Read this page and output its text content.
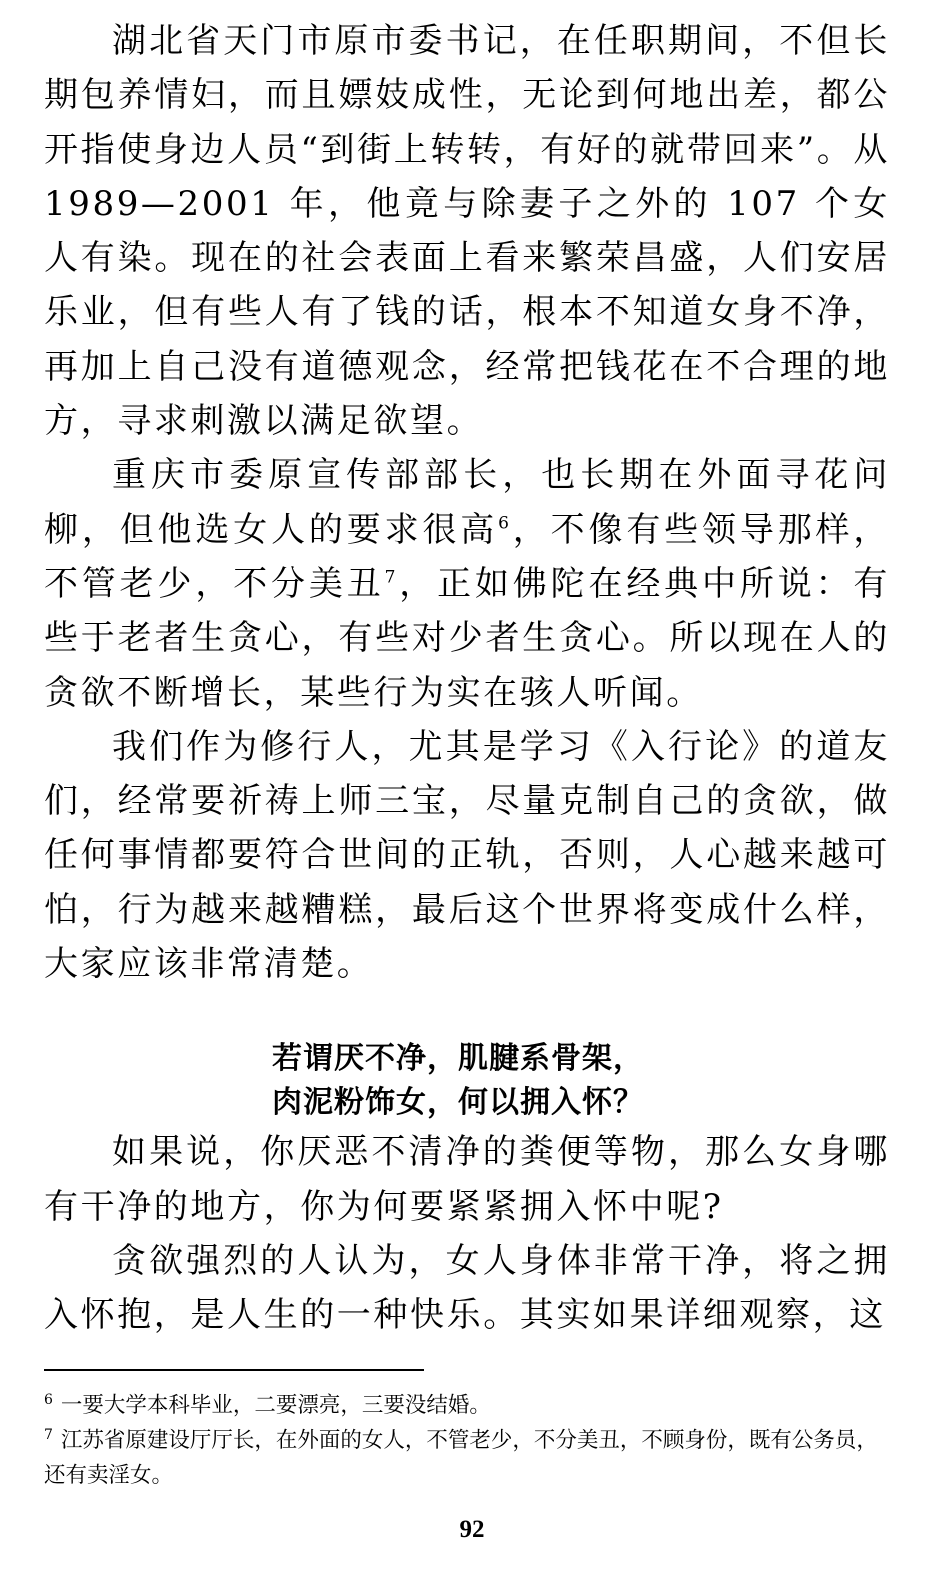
湖北省天门市原市委书记，在任职期间，不但长期包养情妇，而且嫖妓成性，无论到何地出差，都公开指使身边人员“到街上转转，有好的就带回来”。从 1989—2001 年，他竟与除妻子之外的 107 个女人有染。现在的社会表面上看来繁荣昌盛，人们安居乐业，但有些人有了钱的话，根本不知道女身不净，再加上自己没有道德观念，经常把钱花在不合理的地方，寻求刺激以满足欲望。

重庆市委原宣传部部长，也长期在外面寻花问柳，但他选女人的要求很高$^6$，不像有些领导那样，不管老少，不分美丑$^7$，正如佛陀在经典中所说：有些于老者生贪心，有些对少者生贪心。所以现在人的贪欲不断增长，某些行为实在骇人听闻。

我们作为修行人，尤其是学习《入行论》的道友们，经常要祈祷上师三宝，尽量克制自己的贪欲，做任何事情都要符合世间的正轨，否则，人心越来越可怕，行为越来越糟糕，最后这个世界将变成什么样，大家应该非常清楚。

若谓厌不净，肌腱系骨架，

肉泥粉饰女，何以拥入怀？

如果说，你厌恶不清净的粪便等物，那么女身哪有干净的地方，你为何要紧紧拥入怀中呢?

贪欲强烈的人认为，女人身体非常干净，将之拥入怀抱，是人生的一种快乐。其实如果详细观察，这

$^6$ 一要大学本科毕业，二要漂亮，三要没结婚。

$^7$ 江苏省原建设厅厅长，在外面的女人，不管老少，不分美丑，不顾身份，既有公务员，还有卖淫女。

92
